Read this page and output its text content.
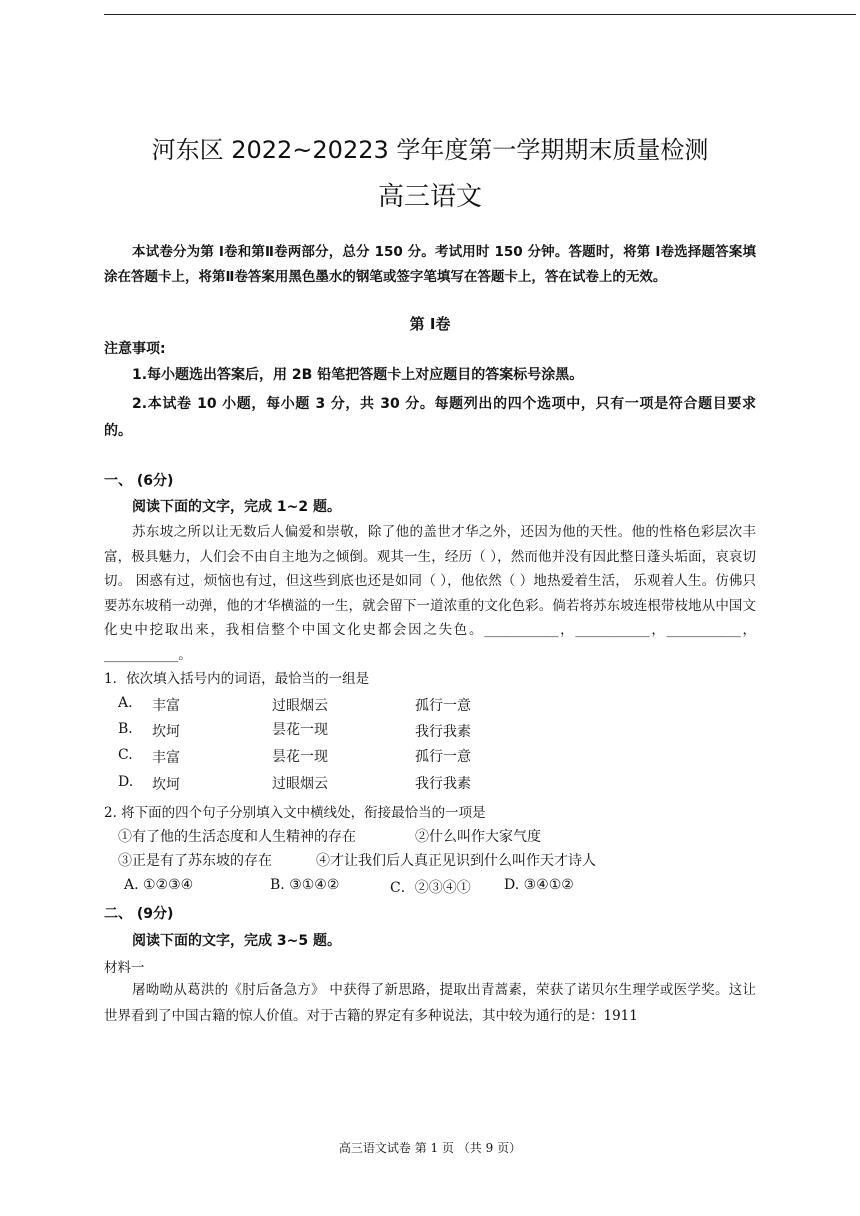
河东区 2022~20223 学年度第一学期期末质量检测
高三语文
本试卷分为第 Ⅰ卷和第Ⅱ卷两部分，总分 150 分。考试用时 150 分钟。答题时，将第 Ⅰ卷选择题答案填涂在答题卡上，将第Ⅱ卷答案用黑色墨水的钢笔或签字笔填写在答题卡上，答在试卷上的无效。
第 Ⅰ卷
注意事项:
1.每小题选出答案后，用 2B 铅笔把答题卡上对应题目的答案标号涂黑。
2.本试卷 10 小题，每小题 3 分，共 30 分。每题列出的四个选项中，只有一项是符合题目要求的。
一、 (6分)
阅读下面的文字，完成 1~2 题。
苏东坡之所以让无数后人偏爱和崇敬，除了他的盖世才华之外，还因为他的天性。他的性格色彩层次丰富，极具魅力，人们会不由自主地为之倾倒。观其一生，经历（ ），然而他并没有因此整日蓬头垢面，哀哀切切。 困惑有过，烦恼也有过，但这些到底也还是如同（ ），他依然（ ）地热爱着生活， 乐观着人生。仿佛只要苏东坡稍一动弹，他的才华横溢的一生，就会留下一道浓重的文化色彩。倘若将苏东坡连根带枝地从中国文化史中挖取出来，我相信整个中国文化史都会因之失色。___________，___________，___________，___________。
1．依次填入括号内的词语，最恰当的一组是
A. 丰富	过眼烟云	孤行一意
B. 坎坷	昙花一现	我行我素
C. 丰富	昙花一现	孤行一意
D. 坎坷	过眼烟云	我行我素
2. 将下面的四个句子分别填入文中横线处，衔接最恰当的一项是
①有了他的生活态度和人生精神的存在	②什么叫作大家气度
③正是有了苏东坡的存在	④才让我们后人真正见识到什么叫作天才诗人
A. ①②③④	B. ③①④②	C．②③④① D. ③④①②
二、 (9分)
阅读下面的文字，完成 3~5 题。
材料一
屠呦呦从葛洪的《肘后备急方》 中获得了新思路，提取出青蒿素，荣获了诺贝尔生理学或医学奖。这让世界看到了中国古籍的惊人价值。对于古籍的界定有多种说法，其中较为通行的是：1911
高三语文试卷 第 1 页 （共 9 页）
